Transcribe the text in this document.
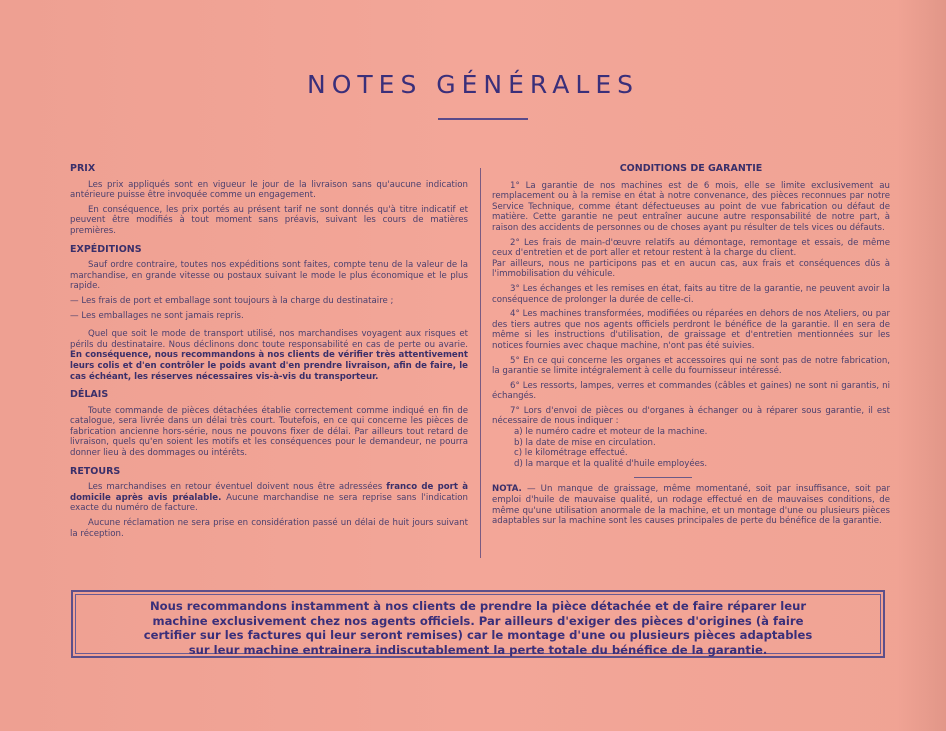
NOTES GÉNÉRALES
PRIX

Les prix appliqués sont en vigueur le jour de la livraison sans qu'aucune indication antérieure puisse être invoquée comme un engagement.

En conséquence, les prix portés au présent tarif ne sont donnés qu'à titre indicatif et peuvent être modifiés à tout moment sans préavis, suivant les cours de matières premières.

EXPÉDITIONS

Sauf ordre contraire, toutes nos expéditions sont faites, compte tenu de la valeur de la marchandise, en grande vitesse ou postaux suivant le mode le plus économique et le plus rapide.

— Les frais de port et emballage sont toujours à la charge du destinataire ;

— Les emballages ne sont jamais repris.

Quel que soit le mode de transport utilisé, nos marchandises voyagent aux risques et périls du destinataire. Nous déclinons donc toute responsabilité en cas de perte ou avarie. En conséquence, nous recommandons à nos clients de vérifier très attentivement leurs colis et d'en contrôler le poids avant d'en prendre livraison, afin de faire, le cas échéant, les réserves nécessaires vis-à-vis du transporteur.

DÉLAIS

Toute commande de pièces détachées établie correctement comme indiqué en fin de catalogue, sera livrée dans un délai très court. Toutefois, en ce qui concerne les pièces de fabrication ancienne hors-série, nous ne pouvons fixer de délai. Par ailleurs tout retard de livraison, quels qu'en soient les motifs et les conséquences pour le demandeur, ne pourra donner lieu à des dommages ou intérêts.

RETOURS

Les marchandises en retour éventuel doivent nous être adressées franco de port à domicile après avis préalable. Aucune marchandise ne sera reprise sans l'indication exacte du numéro de facture.

Aucune réclamation ne sera prise en considération passé un délai de huit jours suivant la réception.

CONDITIONS DE GARANTIE

1° La garantie de nos machines est de 6 mois, elle se limite exclusivement au remplacement ou à la remise en état à notre convenance, des pièces reconnues par notre Service Technique, comme étant défectueuses au point de vue fabrication ou défaut de matière. Cette garantie ne peut entraîner aucune autre responsabilité de notre part, à raison des accidents de personnes ou de choses ayant pu résulter de tels vices ou défauts.

2° Les frais de main-d'œuvre relatifs au démontage, remontage et essais, de même ceux d'entretien et de port aller et retour restent à la charge du client.

Par ailleurs, nous ne participons pas et en aucun cas, aux frais et conséquences dûs à l'immobilisation du véhicule.

3° Les échanges et les remises en état, faits au titre de la garantie, ne peuvent avoir la conséquence de prolonger la durée de celle-ci.

4° Les machines transformées, modifiées ou réparées en dehors de nos Ateliers, ou par des tiers autres que nos agents officiels perdront le bénéfice de la garantie. Il en sera de même si les instructions d'utilisation, de graissage et d'entretien mentionnées sur les notices fournies avec chaque machine, n'ont pas été suivies.

5° En ce qui concerne les organes et accessoires qui ne sont pas de notre fabrication, la garantie se limite intégralement à celle du fournisseur intéressé.

6° Les ressorts, lampes, verres et commandes (câbles et gaines) ne sont ni garantis, ni échangés.

7° Lors d'envoi de pièces ou d'organes à échanger ou à réparer sous garantie, il est nécessaire de nous indiquer :

a) le numéro cadre et moteur de la machine.

b) la date de mise en circulation.

c) le kilométrage effectué.

d) la marque et la qualité d'huile employées.

NOTA. — Un manque de graissage, même momentané, soit par insuffisance, soit par emploi d'huile de mauvaise qualité, un rodage effectué en de mauvaises conditions, de même qu'une utilisation anormale de la machine, et un montage d'une ou plusieurs pièces adaptables sur la machine sont les causes principales de perte du bénéfice de la garantie.

Nous recommandons instamment à nos clients de prendre la pièce détachée et de faire réparer leur
machine exclusivement chez nos agents officiels. Par ailleurs d'exiger des pièces d'origines (à faire
certifier sur les factures qui leur seront remises) car le montage d'une ou plusieurs pièces adaptables
sur leur machine entrainera indiscutablement la perte totale du bénéfice de la garantie.
